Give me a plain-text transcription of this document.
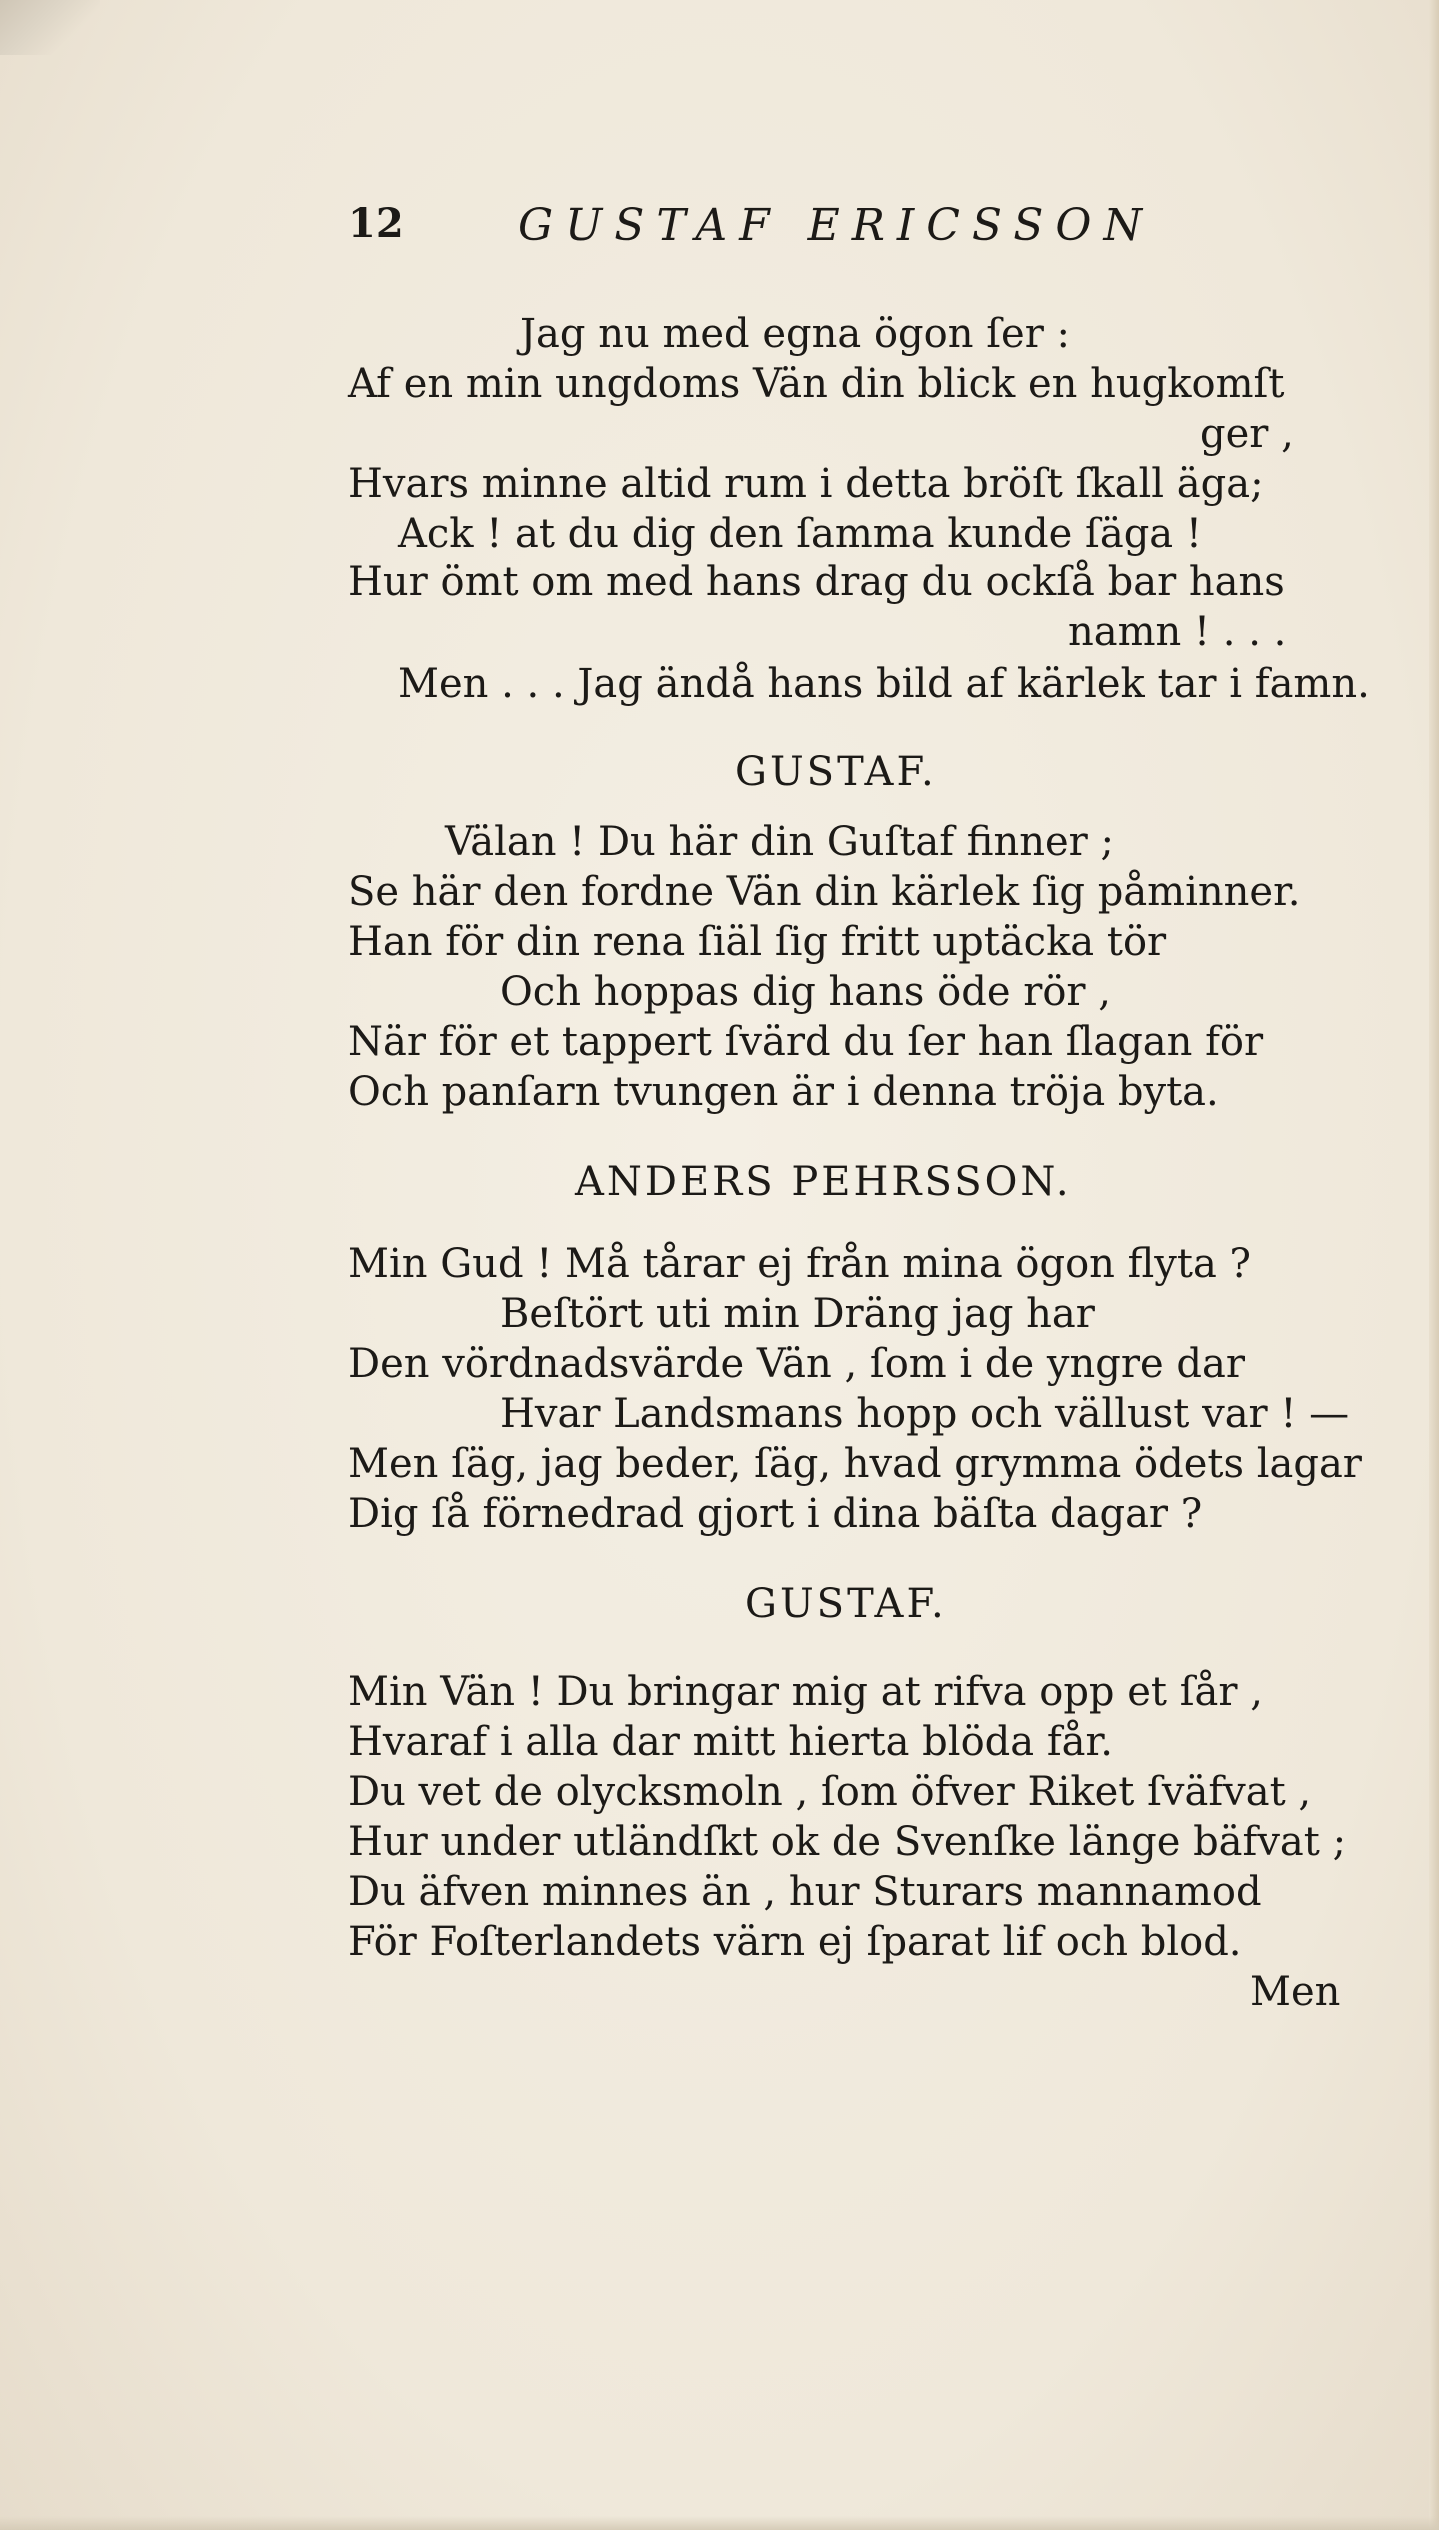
12	GUSTAF ERICSSON
Jag nu med egna ögon ſer :
Af en min ungdoms Vän din blick en hugkomſt
ger ,
Hvars minne altid rum i detta bröſt ſkall äga;
Ack ! at du dig den ſamma kunde ſäga !
Hur ömt om med hans drag du ockſå bar hans
namn ! . . .
Men . . . Jag ändå hans bild af kärlek tar i famn.
GUSTAF.
Välan ! Du här din Guſtaf finner ;
Se här den fordne Vän din kärlek ſig påminner.
Han för din rena ſiäl ſig fritt uptäcka tör
Och hoppas dig hans öde rör ,
När för et tappert ſvärd du ſer han ſlagan för
Och panſarn tvungen är i denna tröja byta.
ANDERS PEHRSSON.
Min Gud ! Må tårar ej från mina ögon flyta ?
Beſtört uti min Dräng jag har
Den vördnadsvärde Vän , ſom i de yngre dar
Hvar Landsmans hopp och vällust var ! —
Men ſäg, jag beder, ſäg, hvad grymma ödets lagar
Dig ſå förnedrad gjort i dina bäſta dagar ?
GUSTAF.
Min Vän ! Du bringar mig at rifva opp et ſår ,
Hvaraf i alla dar mitt hierta blöda får.
Du vet de olycksmoln , ſom öfver Riket ſväfvat ,
Hur under utländſkt ok de Svenſke länge bäfvat ;
Du äfven minnes än , hur Sturars mannamod
För Foſterlandets värn ej ſparat lif och blod.
Men
